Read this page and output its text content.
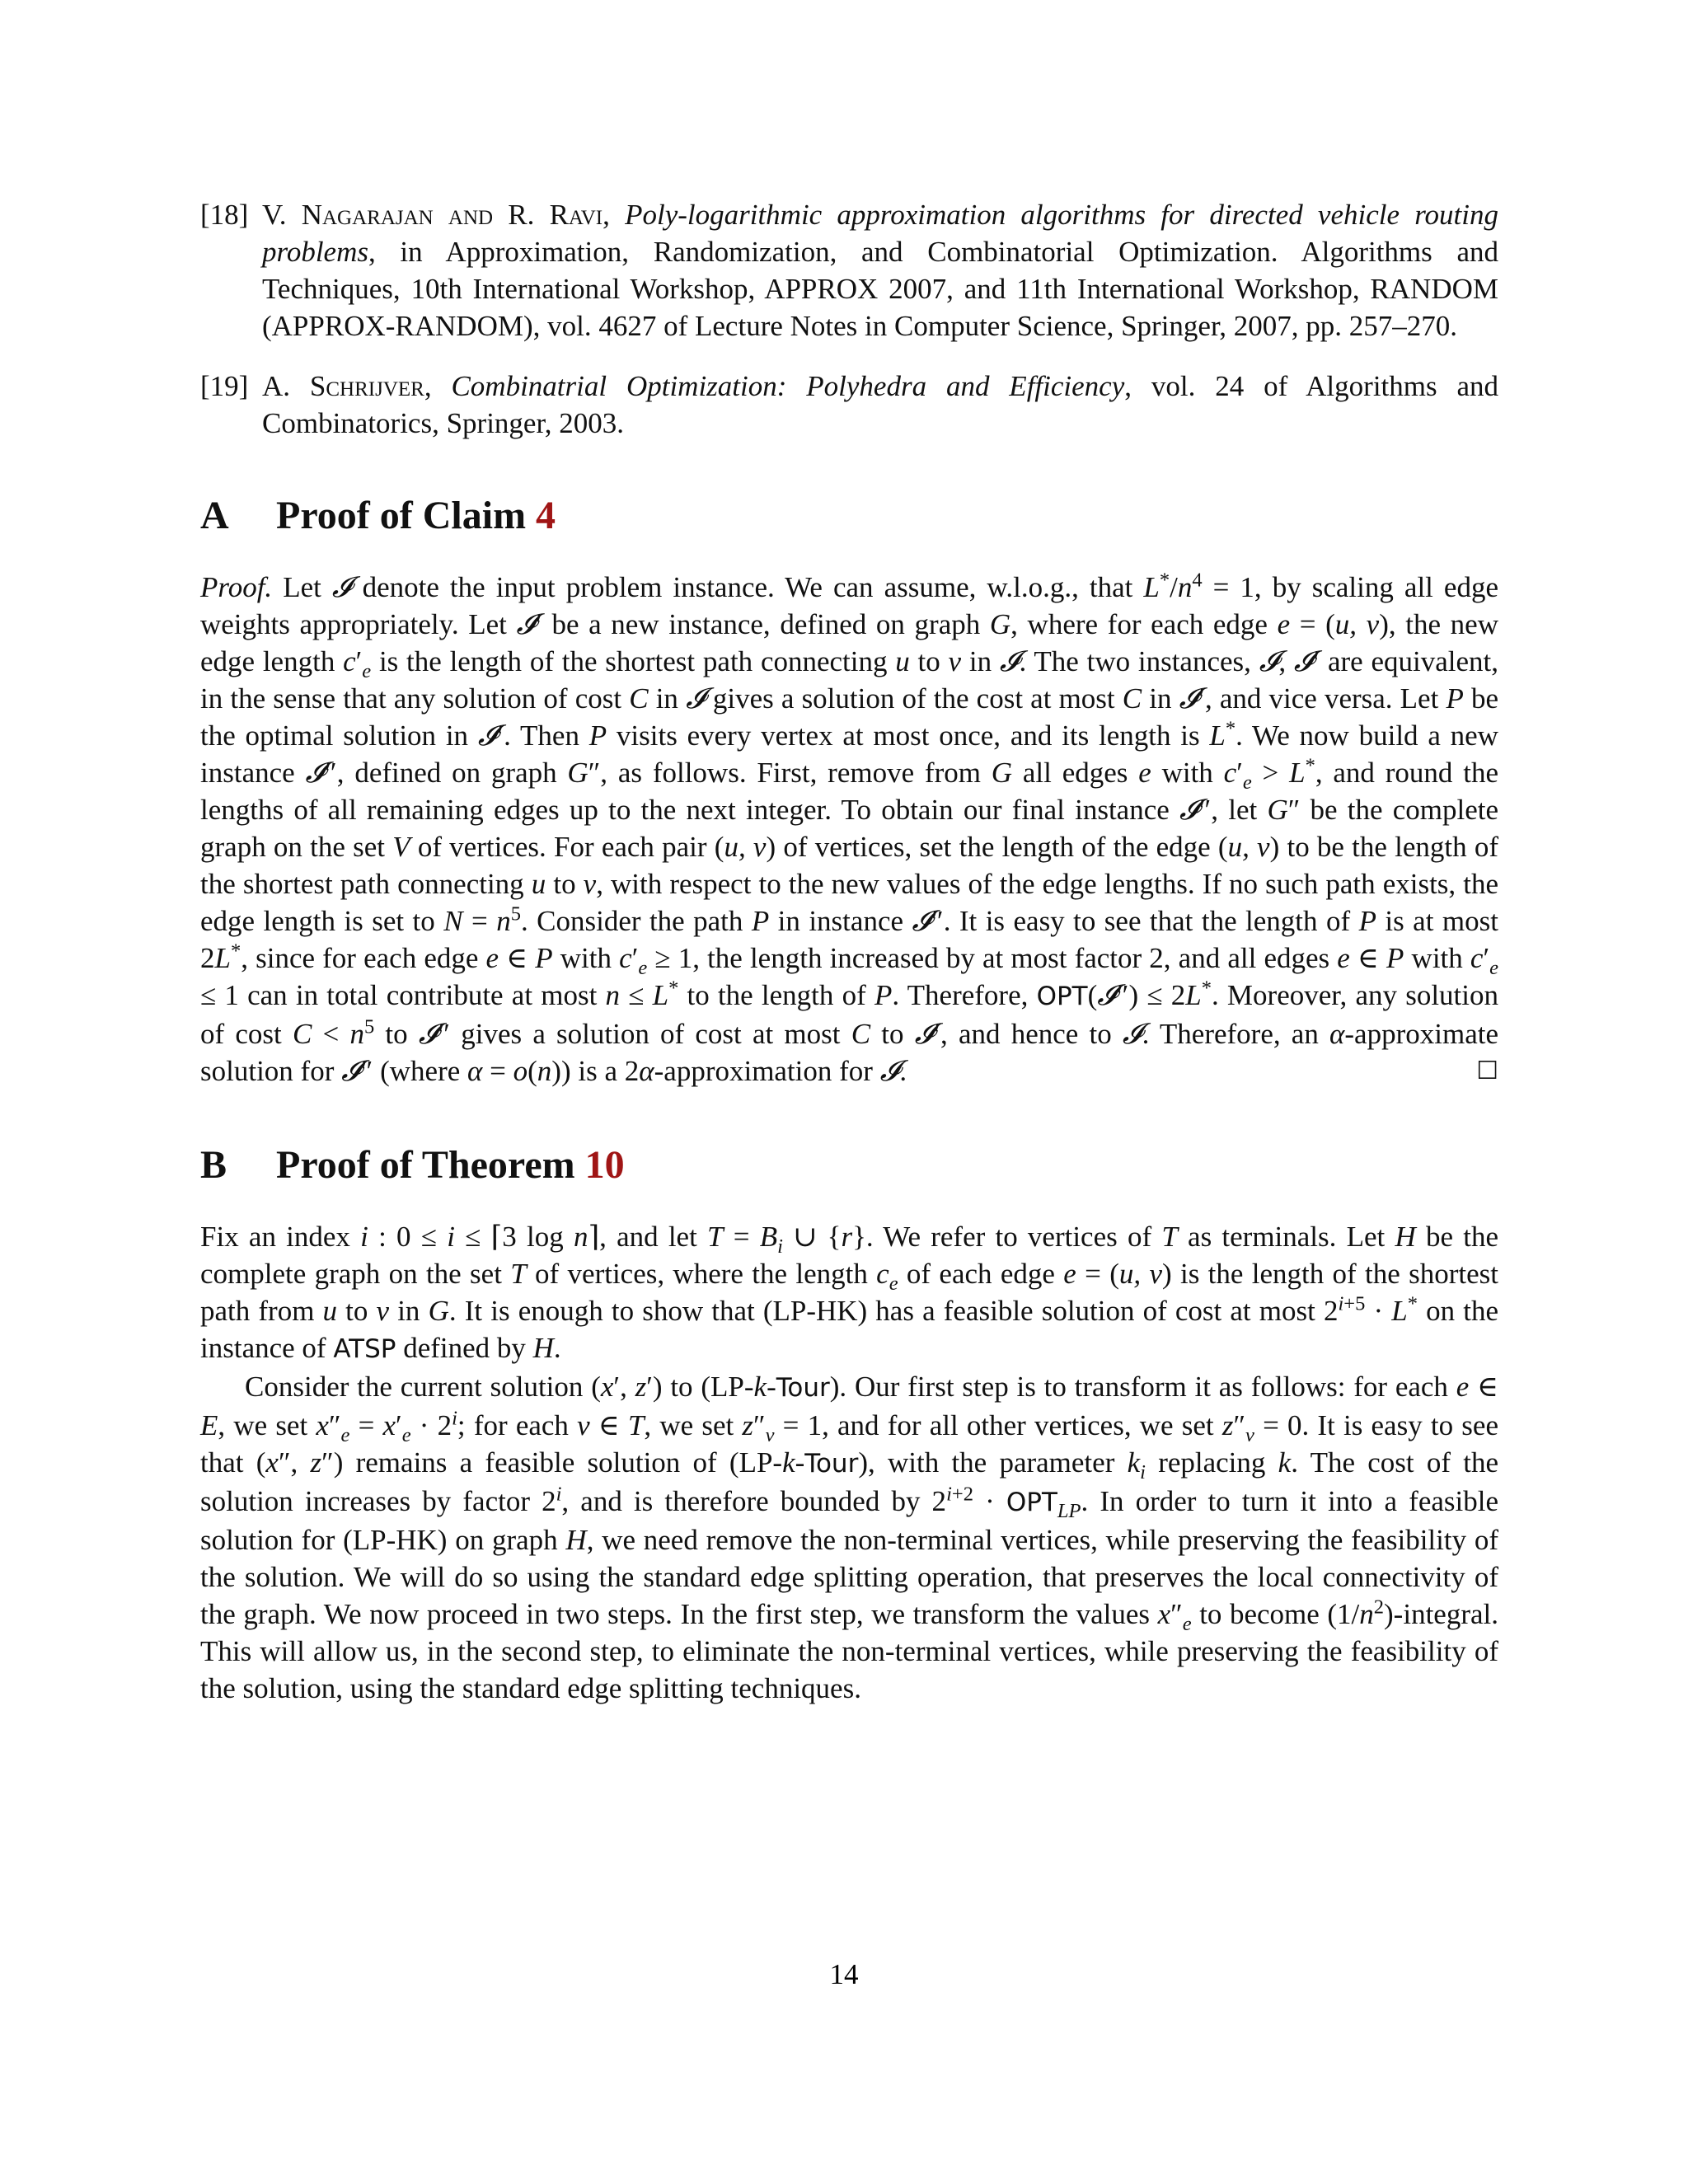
[18] V. Nagarajan and R. Ravi, Poly-logarithmic approximation algorithms for directed vehicle routing problems, in Approximation, Randomization, and Combinatorial Optimization. Algorithms and Techniques, 10th International Workshop, APPROX 2007, and 11th International Workshop, RANDOM (APPROX-RANDOM), vol. 4627 of Lecture Notes in Computer Science, Springer, 2007, pp. 257–270.

[19] A. Schrijver, Combinatrial Optimization: Polyhedra and Efficiency, vol. 24 of Algorithms and Combinatorics, Springer, 2003.

A Proof of Claim 4

Proof. Let 𝓘 denote the input problem instance. We can assume, w.l.o.g., that $L^*/n^4 = 1$, by scaling all edge weights appropriately. Let 𝓘′ be a new instance, defined on graph G, where for each edge e = (u, v), the new edge length $c'_e$ is the length of the shortest path connecting u to v in 𝓘. The two instances, 𝓘, 𝓘′ are equivalent, in the sense that any solution of cost C in 𝓘 gives a solution of the cost at most C in 𝓘′, and vice versa. Let P be the optimal solution in 𝓘′. Then P visits every vertex at most once, and its length is L*. We now build a new instance 𝓘″, defined on graph G″, as follows. First, remove from G all edges e with $c'_e > L^*$, and round the lengths of all remaining edges up to the next integer. To obtain our final instance 𝓘″, let G″ be the complete graph on the set V of vertices. For each pair (u, v) of vertices, set the length of the edge (u, v) to be the length of the shortest path connecting u to v, with respect to the new values of the edge lengths. If no such path exists, the edge length is set to $N = n^5$. Consider the path P in instance 𝓘″. It is easy to see that the length of P is at most 2L*, since for each edge e ∈ P with $c'_e \ge 1$, the length increased by at most factor 2, and all edges e ∈ P with $c'_e \le 1$ can in total contribute at most n ≤ L* to the length of P. Therefore, OPT(𝓘″) ≤ 2L*. Moreover, any solution of cost $C < n^5$ to 𝓘″ gives a solution of cost at most C to 𝓘′, and hence to 𝓘. Therefore, an α-approximate solution for 𝓘″ (where α = o(n)) is a 2α-approximation for 𝓘.	☐

B Proof of Theorem 10

Fix an index i : 0 ≤ i ≤ ⌈3 log n⌉, and let $T = B_i$ ∪ {r}. We refer to vertices of T as terminals. Let H be the complete graph on the set T of vertices, where the length $c_e$ of each edge e = (u, v) is the length of the shortest path from u to v in G. It is enough to show that (LP-HK) has a feasible solution of cost at most $2^{i+5} \cdot L^*$ on the instance of ATSP defined by H.

Consider the current solution (x′, z′) to (LP-k-Tour). Our first step is to transform it as follows: for each e ∈ E, we set $x''_e = x'_e \cdot 2^i$; for each v ∈ T, we set $z''_v = 1$, and for all other vertices, we set $z''_v = 0$. It is easy to see that (x″, z″) remains a feasible solution of (LP-k-Tour), with the parameter $k_i$ replacing k. The cost of the solution increases by factor 2$^i$, and is therefore bounded by $2^{i+2} \cdot OPT_{LP}$. In order to turn it into a feasible solution for (LP-HK) on graph H, we need remove the non-terminal vertices, while preserving the feasibility of the solution. We will do so using the standard edge splitting operation, that preserves the local connectivity of the graph. We now proceed in two steps. In the first step, we transform the values $x''_e$ to become $(1/n^2)$-integral. This will allow us, in the second step, to eliminate the non-terminal vertices, while preserving the feasibility of the solution, using the standard edge splitting techniques.

14
